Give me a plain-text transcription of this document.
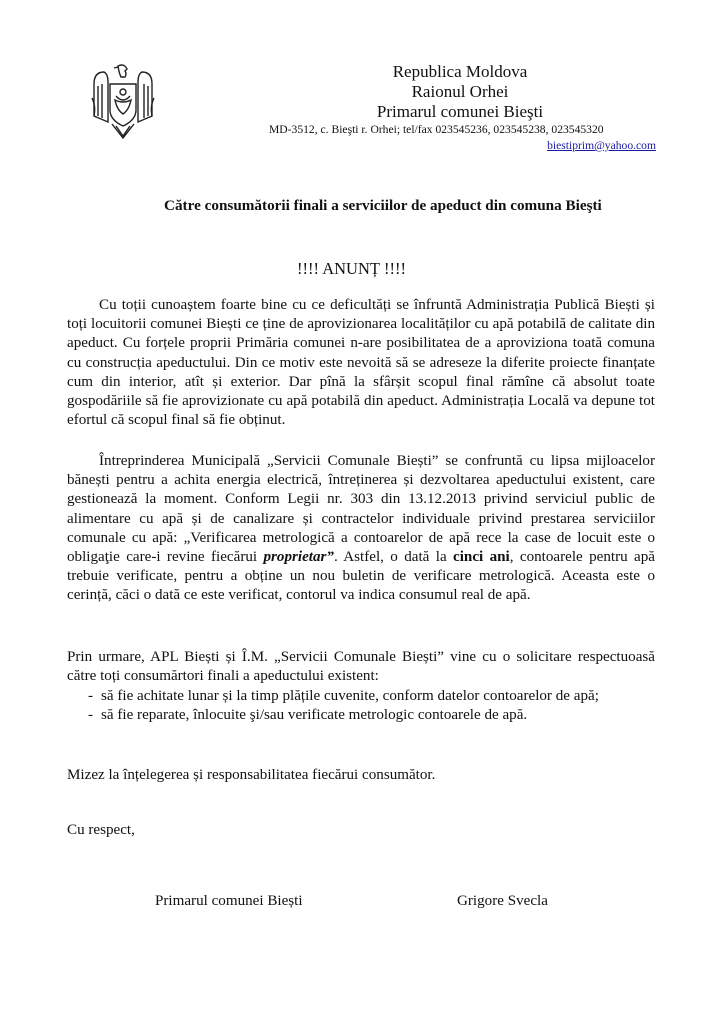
Republica Moldova
Raionul Orhei
Primarul comunei Bieşti
MD-3512, c. Bieşti r. Orhei; tel/fax 023545236, 023545238, 023545320
biestiprim@yahoo.com
Către consumătorii finali a serviciilor de apeduct din comuna Bieşti
!!!! ANUNȚ !!!!
Cu toții cunoaștem foarte bine cu ce deficultăți se înfruntă Administrația Publică Biești și toți locuitorii comunei Biești ce ține de aprovizionarea localităților cu apă potabilă de calitate din apeduct. Cu forțele proprii Primăria comunei n-are posibilitatea de a aproviziona toată comuna cu construcția apeductului. Din ce motiv este nevoită să se adreseze la diferite proiecte finanțate cum din interior, atît și exterior. Dar pînă la sfârșit scopul final rămîne că absolut toate gospodăriile să fie aprovizionate cu apă potabilă din apeduct. Administrația Locală va depune tot efortul că scopul final să fie obținut.
Întreprinderea Municipală „Servicii Comunale Biești” se confruntă cu lipsa mijloacelor bănești pentru a achita energia electrică, întreținerea și dezvoltarea apeductului existent, care gestionează la moment. Conform Legii nr. 303 din 13.12.2013 privind serviciul public de alimentare cu apă și de canalizare și contractelor individuale privind prestarea serviciilor comunale cu apă: „Verificarea metrologică a contoarelor de apă rece la case de locuit este o obligaţie care-i revine fiecărui proprietar”. Astfel, o dată la cinci ani, contoarele pentru apă trebuie verificate, pentru a obține un nou buletin de verificare metrologică. Aceasta este o cerință, căci o dată ce este verificat, contorul va indica consumul real de apă.
Prin urmare, APL Biești și Î.M. „Servicii Comunale Biești” vine cu o solicitare respectuoasă către toți consumărtori finali a apeductului existent:
- să fie achitate lunar și la timp plățile cuvenite, conform datelor contoarelor de apă;
- să fie reparate, înlocuite şi/sau verificate metrologic contoarele de apă.
Mizez la înțelegerea și responsabilitatea fiecărui consumător.
Cu respect,
Primarul comunei Biești	Grigore Svecla
